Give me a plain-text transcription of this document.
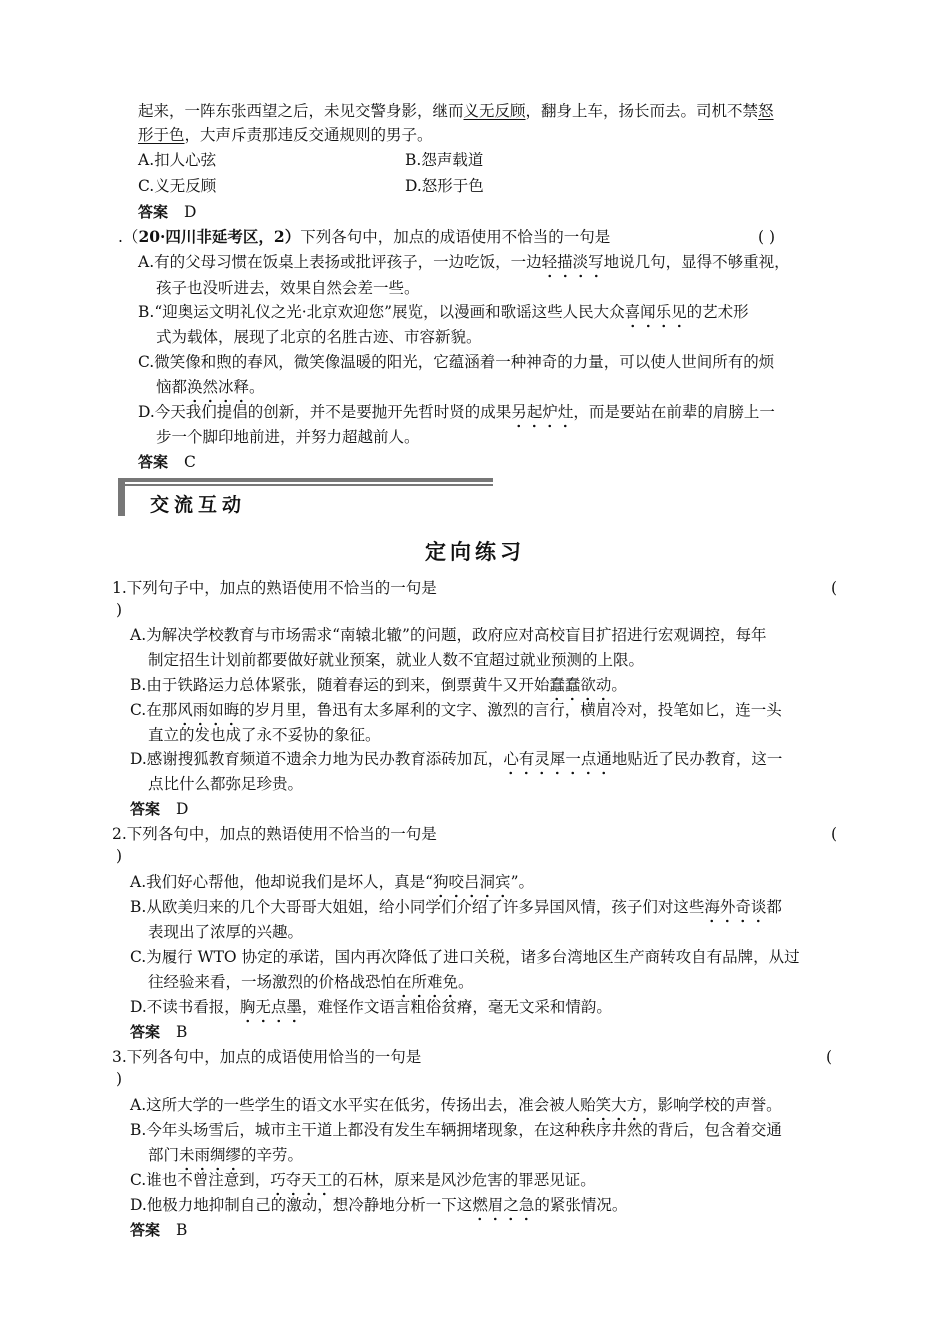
起来，一阵东张西望之后，未见交警身影，继而义无反顾，翻身上车，扬长而去。司机不禁怒
形于色，大声斥责那违反交通规则的男子。
A.扣人心弦	B.怨声载道
C.义无反顾	D.怒形于色
答案 D
.（20·四川非延考区，2）下列各句中，加点的成语使用不恰当的一句是	( )
A.有的父母习惯在饭桌上表扬或批评孩子，一边吃饭，一边轻描淡写地说几句，显得不够重视，
孩子也没听进去，效果自然会差一些。
B.“迎奥运文明礼仪之光·北京欢迎您”展览，以漫画和歌谣这些人民大众喜闻乐见的艺术形
式为载体，展现了北京的名胜古迹、市容新貌。
C.微笑像和煦的春风，微笑像温暖的阳光，它蕴涵着一种神奇的力量，可以使人世间所有的烦
恼都涣然冰释。
D.今天我们提倡的创新，并不是要抛开先哲时贤的成果另起炉灶，而是要站在前辈的肩膀上一
步一个脚印地前进，并努力超越前人。
答案 C
交流互动
定向练习
1.下列句子中，加点的熟语使用不恰当的一句是	(
)
A.为解决学校教育与市场需求“南辕北辙”的问题，政府应对高校盲目扩招进行宏观调控，每年
制定招生计划前都要做好就业预案，就业人数不宜超过就业预测的上限。
B.由于铁路运力总体紧张，随着春运的到来，倒票黄牛又开始蠢蠢欲动。
C.在那风雨如晦的岁月里，鲁迅有太多犀利的文字、激烈的言行，横眉冷对，投笔如匕，连一头
直立的发也成了永不妥协的象征。
D.感谢搜狐教育频道不遗余力地为民办教育添砖加瓦，心有灵犀一点通地贴近了民办教育，这一
点比什么都弥足珍贵。
答案 D
2.下列各句中，加点的熟语使用不恰当的一句是	(
)
A.我们好心帮他，他却说我们是坏人，真是“狗咬吕洞宾”。
B.从欧美归来的几个大哥哥大姐姐，给小同学们介绍了许多异国风情，孩子们对这些海外奇谈都
表现出了浓厚的兴趣。
C.为履行 WTO 协定的承诺，国内再次降低了进口关税，诸多台湾地区生产商转攻自有品牌，从过
往经验来看，一场激烈的价格战恐怕在所难免。
D.不读书看报，胸无点墨，难怪作文语言粗俗贫瘠，毫无文采和情韵。
答案 B
3.下列各句中，加点的成语使用恰当的一句是	(
)
A.这所大学的一些学生的语文水平实在低劣，传扬出去，准会被人贻笑大方，影响学校的声誉。
B.今年头场雪后，城市主干道上都没有发生车辆拥堵现象，在这种秩序井然的背后，包含着交通
部门未雨绸缪的辛劳。
C.谁也不曾注意到，巧夺天工的石林，原来是风沙危害的罪恶见证。
D.他极力地抑制自己的激动，想冷静地分析一下这燃眉之急的紧张情况。
答案 B
